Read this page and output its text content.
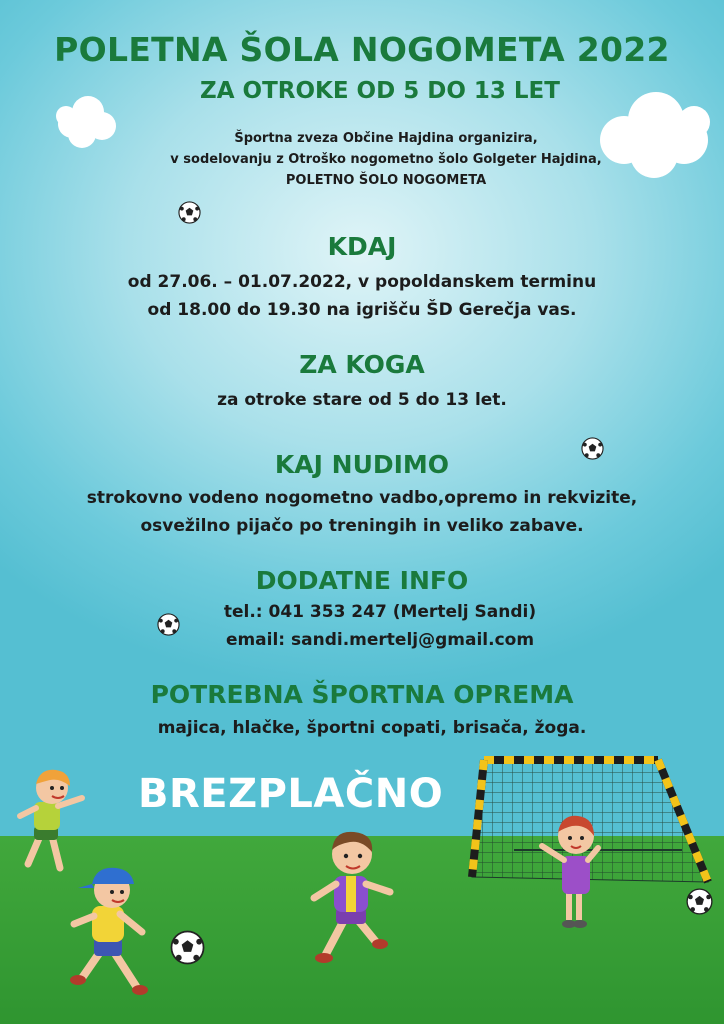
POLETNA ŠOLA NOGOMETA 2022

ZA OTROKE OD 5 DO 13 LET

Športna zveza Občine Hajdina organizira,
v sodelovanju z Otroško nogometno šolo Golgeter Hajdina,
POLETNO ŠOLO NOGOMETA

KDAJ

od 27.06. – 01.07.2022, v popoldanskem terminu
od 18.00 do 19.30 na igrišču ŠD Gerečja vas.

ZA KOGA

za otroke stare od 5 do 13 let.

KAJ NUDIMO

strokovno vodeno nogometno vadbo,opremo in rekvizite,
osvežilno pijačo po treningih in veliko zabave.

DODATNE INFO

tel.: 041 353 247 (Mertelj Sandi)
email: sandi.mertelj@gmail.com

POTREBNA ŠPORTNA OPREMA

majica, hlačke, športni copati, brisača, žoga.

BREZPLAČNO
